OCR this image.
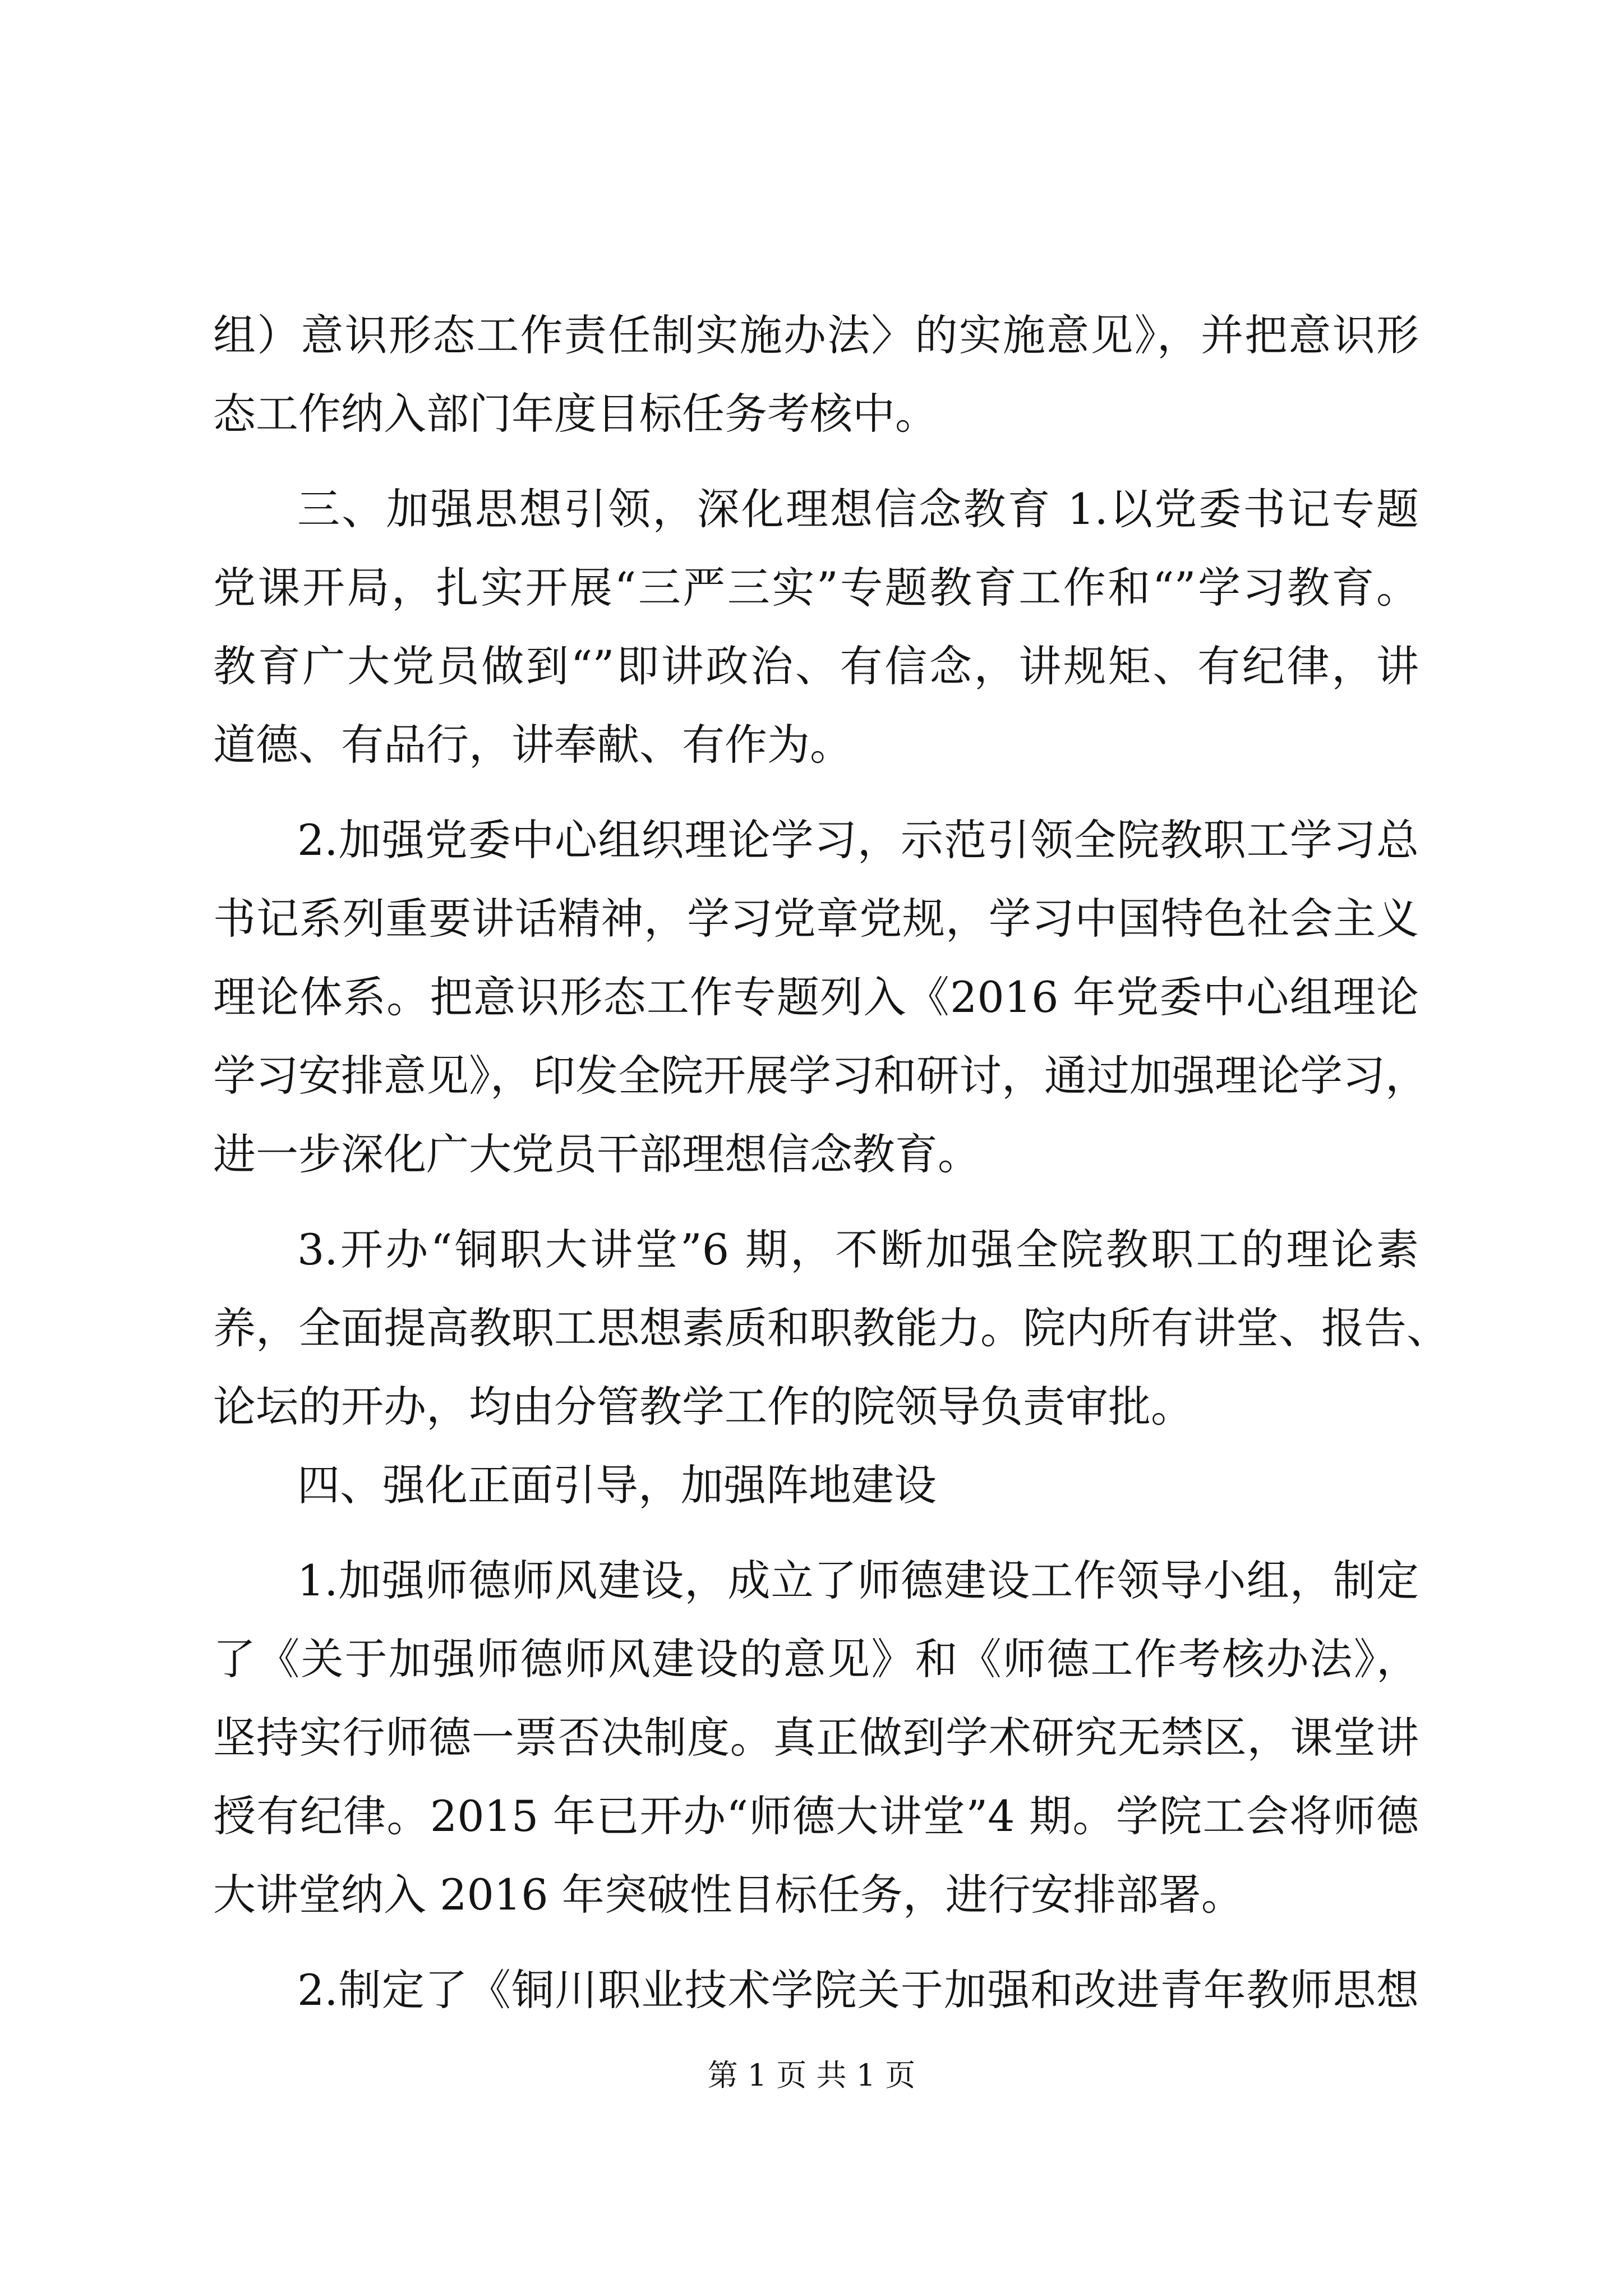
组）意识形态工作责任制实施办法〉的实施意见》，并把意识形
态工作纳入部门年度目标任务考核中。
三、加强思想引领，深化理想信念教育 1.以党委书记专题
党课开局，扎实开展“三严三实”专题教育工作和“”学习教育。
教育广大党员做到“”即讲政治、有信念，讲规矩、有纪律，讲
道德、有品行，讲奉献、有作为。
2.加强党委中心组织理论学习，示范引领全院教职工学习总
书记系列重要讲话精神，学习党章党规，学习中国特色社会主义
理论体系。把意识形态工作专题列入《2016 年党委中心组理论
学习安排意见》，印发全院开展学习和研讨，通过加强理论学习，
进一步深化广大党员干部理想信念教育。
3.开办“铜职大讲堂”6 期，不断加强全院教职工的理论素
养，全面提高教职工思想素质和职教能力。院内所有讲堂、报告、
论坛的开办，均由分管教学工作的院领导负责审批。
四、强化正面引导，加强阵地建设
1.加强师德师风建设，成立了师德建设工作领导小组，制定
了《关于加强师德师风建设的意见》和《师德工作考核办法》，
坚持实行师德一票否决制度。真正做到学术研究无禁区，课堂讲
授有纪律。2015 年已开办“师德大讲堂”4 期。学院工会将师德
大讲堂纳入 2016 年突破性目标任务，进行安排部署。
2.制定了《铜川职业技术学院关于加强和改进青年教师思想
第 1 页 共 1 页
